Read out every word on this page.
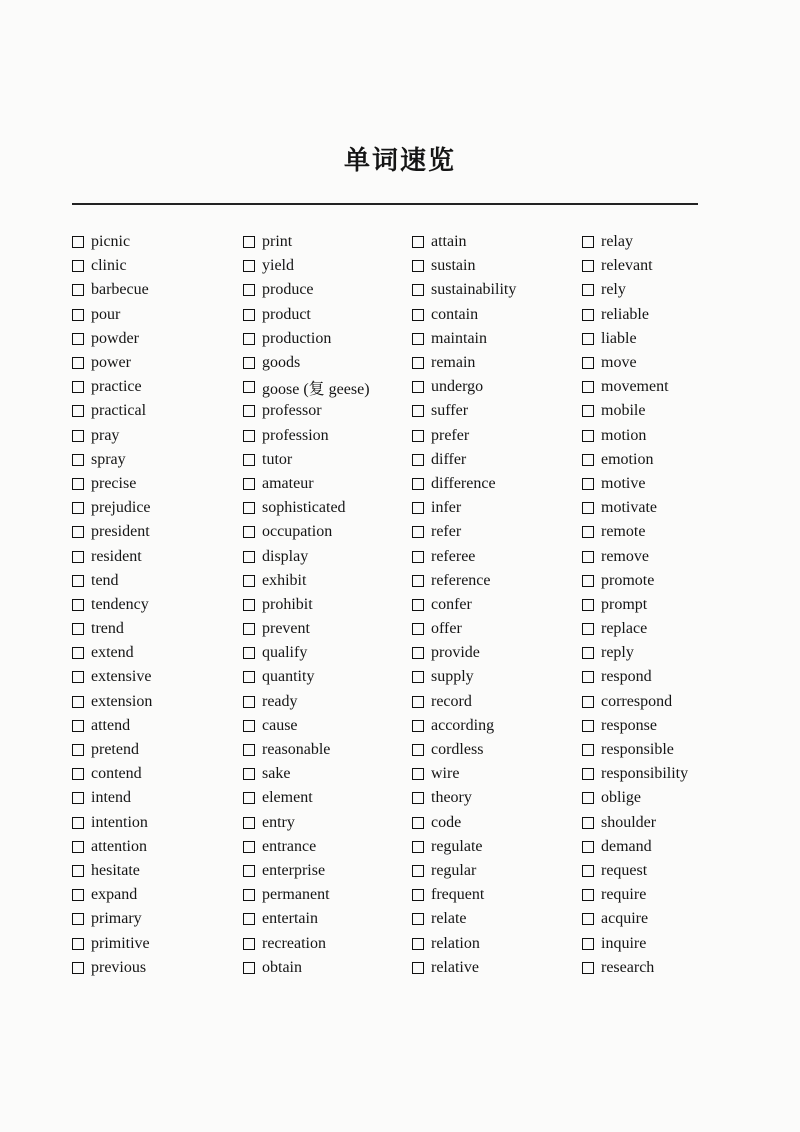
单词速览
picnic
clinic
barbecue
pour
powder
power
practice
practical
pray
spray
precise
prejudice
president
resident
tend
tendency
trend
extend
extensive
extension
attend
pretend
contend
intend
intention
attention
hesitate
expand
primary
primitive
previous
print
yield
produce
product
production
goods
goose (复 geese)
professor
profession
tutor
amateur
sophisticated
occupation
display
exhibit
prohibit
prevent
qualify
quantity
ready
cause
reasonable
sake
element
entry
entrance
enterprise
permanent
entertain
recreation
obtain
attain
sustain
sustainability
contain
maintain
remain
undergo
suffer
prefer
differ
difference
infer
refer
referee
reference
confer
offer
provide
supply
record
according
cordless
wire
theory
code
regulate
regular
frequent
relate
relation
relative
relay
relevant
rely
reliable
liable
move
movement
mobile
motion
emotion
motive
motivate
remote
remove
promote
prompt
replace
reply
respond
correspond
response
responsible
responsibility
oblige
shoulder
demand
request
require
acquire
inquire
research
